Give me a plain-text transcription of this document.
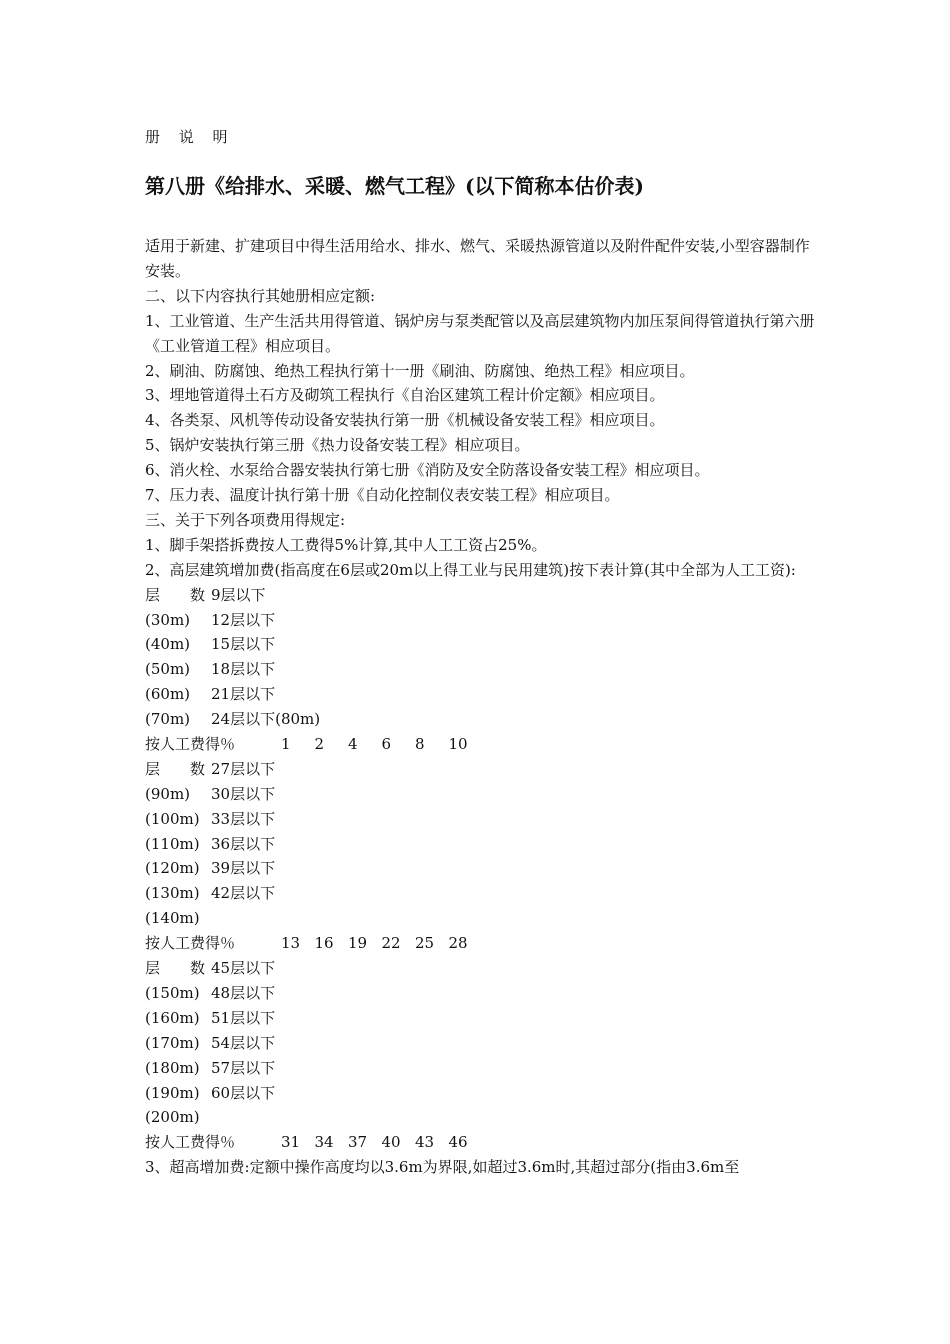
册 说 明
第八册《给排水、采暖、燃气工程》(以下简称本估价表)

适用于新建、扩建项目中得生活用给水、排水、燃气、采暖热源管道以及附件配件安装,小型容器制作安装。

二、以下内容执行其她册相应定额:

1、工业管道、生产生活共用得管道、锅炉房与泵类配管以及高层建筑物内加压泵间得管道执行第六册《工业管道工程》相应项目。

2、刷油、防腐蚀、绝热工程执行第十一册《刷油、防腐蚀、绝热工程》相应项目。

3、埋地管道得土石方及砌筑工程执行《自治区建筑工程计价定额》相应项目。

4、各类泵、风机等传动设备安装执行第一册《机械设备安装工程》相应项目。

5、锅炉安装执行第三册《热力设备安装工程》相应项目。

6、消火栓、水泵给合器安装执行第七册《消防及安全防落设备安装工程》相应项目。

7、压力表、温度计执行第十册《自动化控制仪表安装工程》相应项目。

三、关于下列各项费用得规定:

1、脚手架搭拆费按人工费得5%计算,其中人工工资占25%。

2、高层建筑增加费(指高度在6层或20m以上得工业与民用建筑)按下表计算(其中全部为人工工资):

层　　数 9层以下
(30m)	12层以下
(40m)	15层以下
(50m)	18层以下
(60m)	21层以下
(70m)	24层以下(80m)
按人工费得％	1	2	4	6	8	10
层　　数 27层以下
(90m)	30层以下
(100m) 33层以下
(110m) 36层以下
(120m) 39层以下
(130m) 42层以下
(140m)
按人工费得％	13 16 19 22 25 28
层　　数 45层以下
(150m) 48层以下
(160m) 51层以下
(170m) 54层以下
(180m) 57层以下
(190m) 60层以下
(200m)
按人工费得％	31 34 37 40 43 46

3、超高增加费:定额中操作高度均以3.6m为界限,如超过3.6m时,其超过部分(指由3.6m至
